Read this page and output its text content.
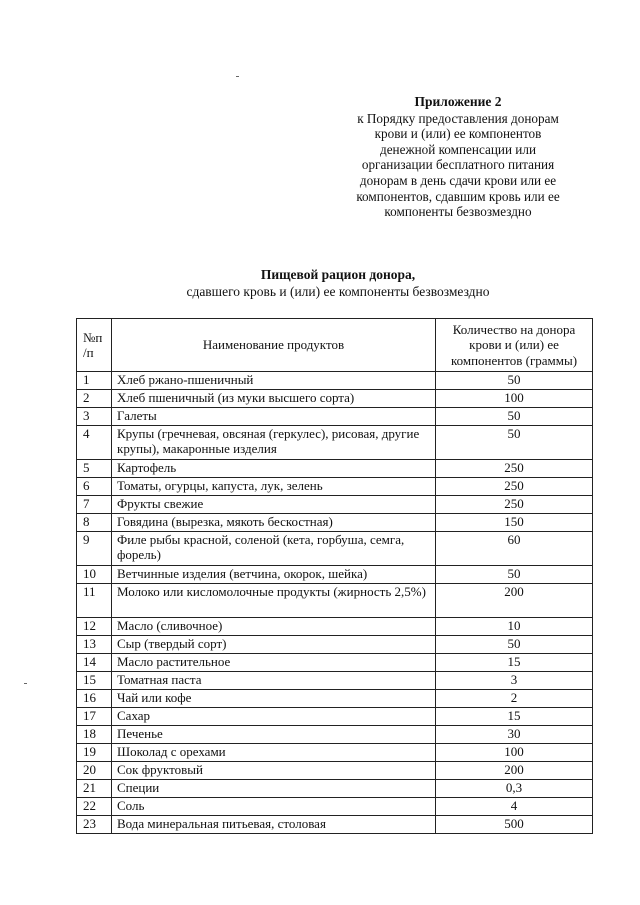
Приложение 2
к Порядку предоставления донорам
крови и (или) ее компонентов
денежной компенсации или
организации бесплатного питания
донорам в день сдачи крови или ее
компонентов, сдавшим кровь или ее
компоненты безвозмездно
Пищевой рацион донора,
сдавшего кровь и (или) ее компоненты безвозмездно
№п /п	Наименование продуктов	Количество на донора крови и (или) ее компонентов (граммы)
1	Хлеб ржано-пшеничный	50
2	Хлеб пшеничный (из муки высшего сорта)	100
3	Галеты	50
4	Крупы (гречневая, овсяная (геркулес), рисовая, другие крупы), макаронные изделия	50
5	Картофель	250
6	Томаты, огурцы, капуста, лук, зелень	250
7	Фрукты свежие	250
8	Говядина (вырезка, мякоть бескостная)	150
9	Филе рыбы красной, соленой (кета, горбуша, семга, форель)	60
10	Ветчинные изделия (ветчина, окорок, шейка)	50
11	Молоко или кисломолочные продукты (жирность 2,5%)	200
12	Масло (сливочное)	10
13	Сыр (твердый сорт)	50
14	Масло растительное	15
15	Томатная паста	3
16	Чай или кофе	2
17	Сахар	15
18	Печенье	30
19	Шоколад с орехами	100
20	Сок фруктовый	200
21	Специи	0,3
22	Соль	4
23	Вода минеральная питьевая, столовая	500
